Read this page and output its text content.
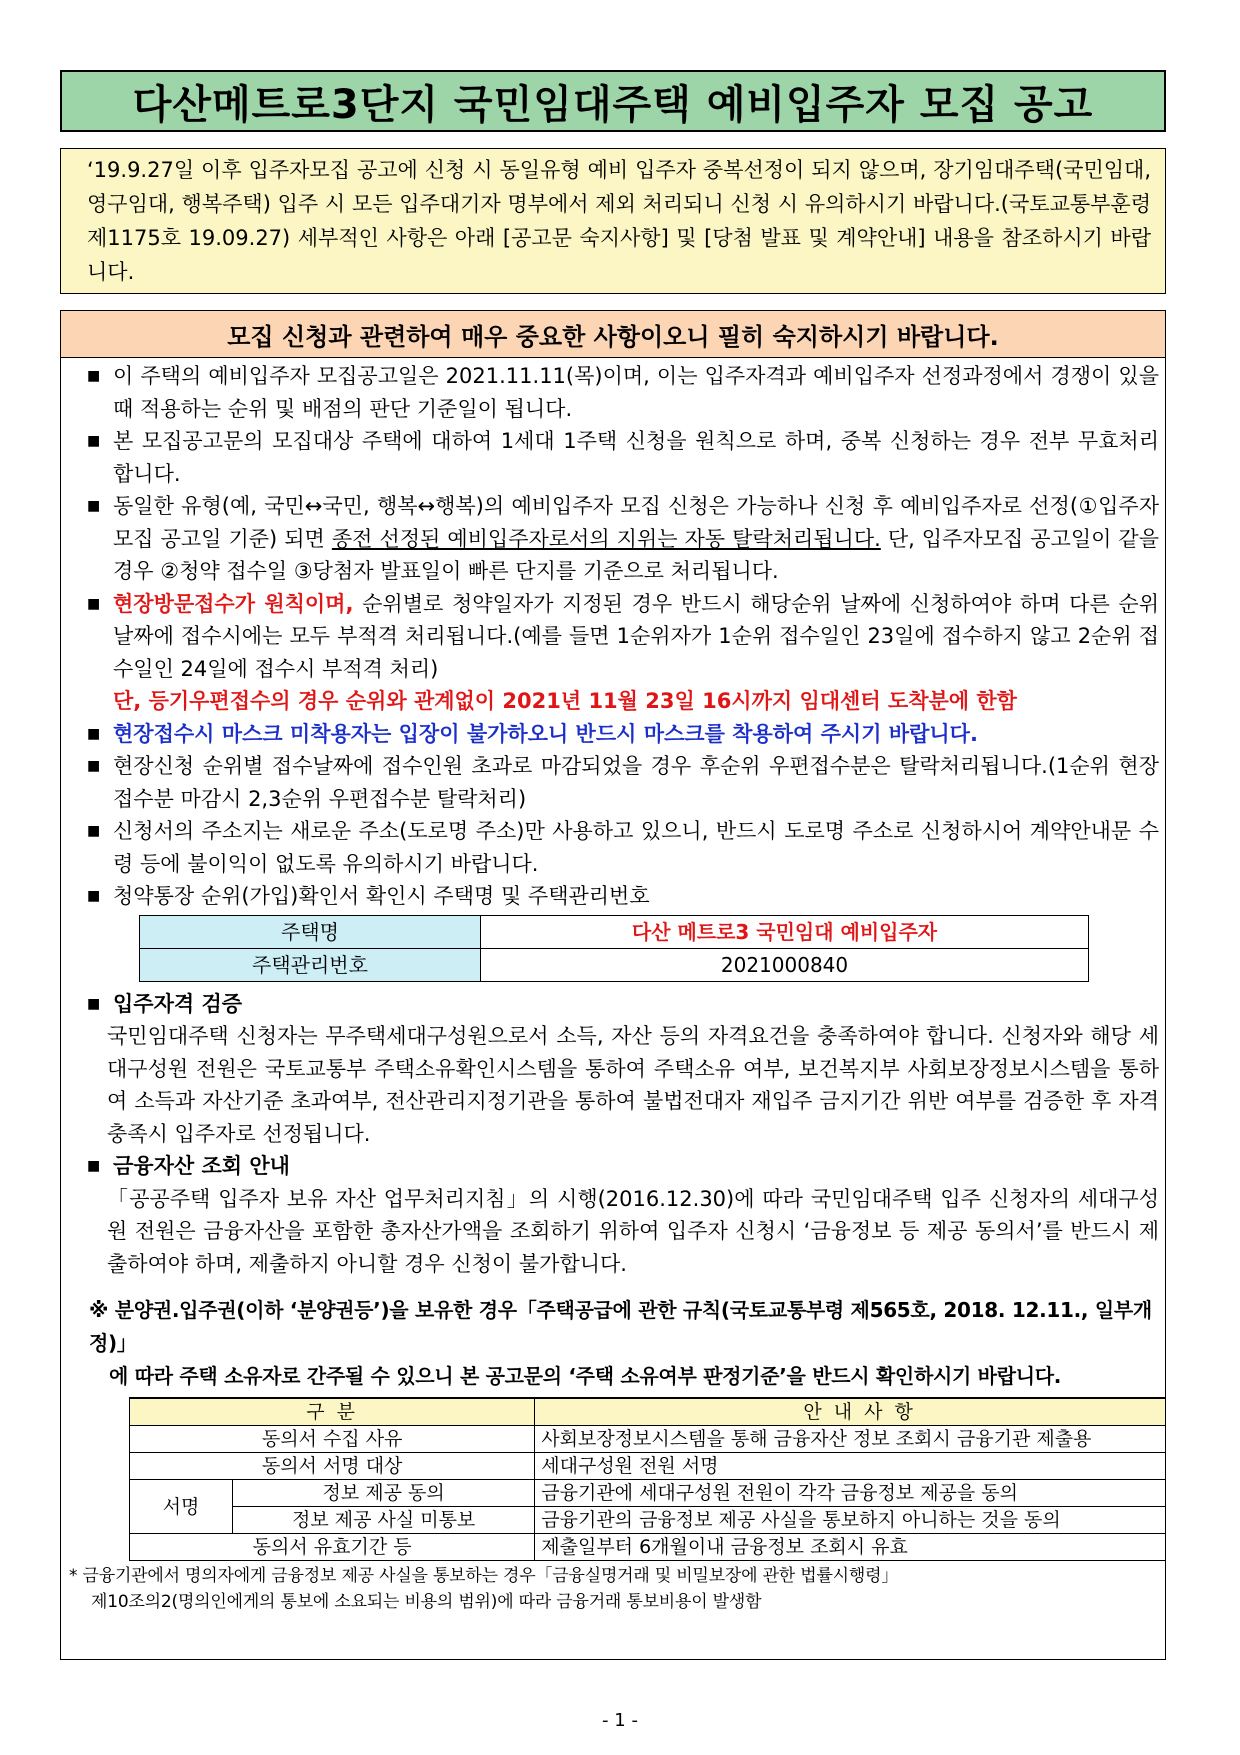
다산메트로3단지 국민임대주택 예비입주자 모집 공고
‘19.9.27일 이후 입주자모집 공고에 신청 시 동일유형 예비 입주자 중복선정이 되지 않으며, 장기임대주택(국민임대, 영구임대, 행복주택) 입주 시 모든 입주대기자 명부에서 제외 처리되니 신청 시 유의하시기 바랍니다.(국토교통부훈령 제1175호 19.09.27) 세부적인 사항은 아래 [공고문 숙지사항] 및 [당첨 발표 및 계약안내] 내용을 참조하시기 바랍니다.
모집 신청과 관련하여 매우 중요한 사항이오니 필히 숙지하시기 바랍니다.
■ 이 주택의 예비입주자 모집공고일은 2021.11.11(목)이며, 이는 입주자격과 예비입주자 선정과정에서 경쟁이 있을 때 적용하는 순위 및 배점의 판단 기준일이 됩니다.
■ 본 모집공고문의 모집대상 주택에 대하여 1세대 1주택 신청을 원칙으로 하며, 중복 신청하는 경우 전부 무효처리 합니다.
■ 동일한 유형(예, 국민↔국민, 행복↔행복)의 예비입주자 모집 신청은 가능하나 신청 후 예비입주자로 선정(①입주자모집 공고일 기준) 되면 종전 선정된 예비입주자로서의 지위는 자동 탈락처리됩니다. 단, 입주자모집 공고일이 같을 경우 ②청약 접수일 ③당첨자 발표일이 빠른 단지를 기준으로 처리됩니다.
■ 현장방문접수가 원칙이며, 순위별로 청약일자가 지정된 경우 반드시 해당순위 날짜에 신청하여야 하며 다른 순위 날짜에 접수시에는 모두 부적격 처리됩니다.(예를 들면 1순위자가 1순위 접수일인 23일에 접수하지 않고 2순위 접수일인 24일에 접수시 부적격 처리)
단, 등기우편접수의 경우 순위와 관계없이 2021년 11월 23일 16시까지 임대센터 도착분에 한함
■ 현장접수시 마스크 미착용자는 입장이 불가하오니 반드시 마스크를 착용하여 주시기 바랍니다.
■ 현장신청 순위별 접수날짜에 접수인원 초과로 마감되었을 경우 후순위 우편접수분은 탈락처리됩니다.(1순위 현장접수분 마감시 2,3순위 우편접수분 탈락처리)
■ 신청서의 주소지는 새로운 주소(도로명 주소)만 사용하고 있으니, 반드시 도로명 주소로 신청하시어 계약안내문 수령 등에 불이익이 없도록 유의하시기 바랍니다.
■ 청약통장 순위(가입)확인서 확인시 주택명 및 주택관리번호
주택명	다산 메트로3 국민임대 예비입주자
주택관리번호	2021000840
■ 입주자격 검증
국민임대주택 신청자는 무주택세대구성원으로서 소득, 자산 등의 자격요건을 충족하여야 합니다. 신청자와 해당 세대구성원 전원은 국토교통부 주택소유확인시스템을 통하여 주택소유 여부, 보건복지부 사회보장정보시스템을 통하여 소득과 자산기준 초과여부, 전산관리지정기관을 통하여 불법전대자 재입주 금지기간 위반 여부를 검증한 후 자격 충족시 입주자로 선정됩니다.
■ 금융자산 조회 안내
「공공주택 입주자 보유 자산 업무처리지침」의 시행(2016.12.30)에 따라 국민임대주택 입주 신청자의 세대구성원 전원은 금융자산을 포함한 총자산가액을 조회하기 위하여 입주자 신청시 ‘금융정보 등 제공 동의서’를 반드시 제출하여야 하며, 제출하지 아니할 경우 신청이 불가합니다.
※ 분양권.입주권(이하 ‘분양권등’)을 보유한 경우「주택공급에 관한 규칙(국토교통부령 제565호, 2018. 12.11., 일부개정)」
에 따라 주택 소유자로 간주될 수 있으니 본 공고문의 ‘주택 소유여부 판정기준’을 반드시 확인하시기 바랍니다.
구 분		안 내 사 항
동의서 수집 사유		사회보장정보시스템을 통해 금융자산 정보 조회시 금융기관 제출용
동의서 서명 대상		세대구성원 전원 서명
서명	정보 제공 동의	금융기관에 세대구성원 전원이 각각 금융정보 제공을 동의
	정보 제공 사실 미통보	금융기관의 금융정보 제공 사실을 통보하지 아니하는 것을 동의
동의서 유효기간 등		제출일부터 6개월이내 금융정보 조회시 유효
* 금융기관에서 명의자에게 금융정보 제공 사실을 통보하는 경우「금융실명거래 및 비밀보장에 관한 법률시행령」
제10조의2(명의인에게의 통보에 소요되는 비용의 범위)에 따라 금융거래 통보비용이 발생함
- 1 -
